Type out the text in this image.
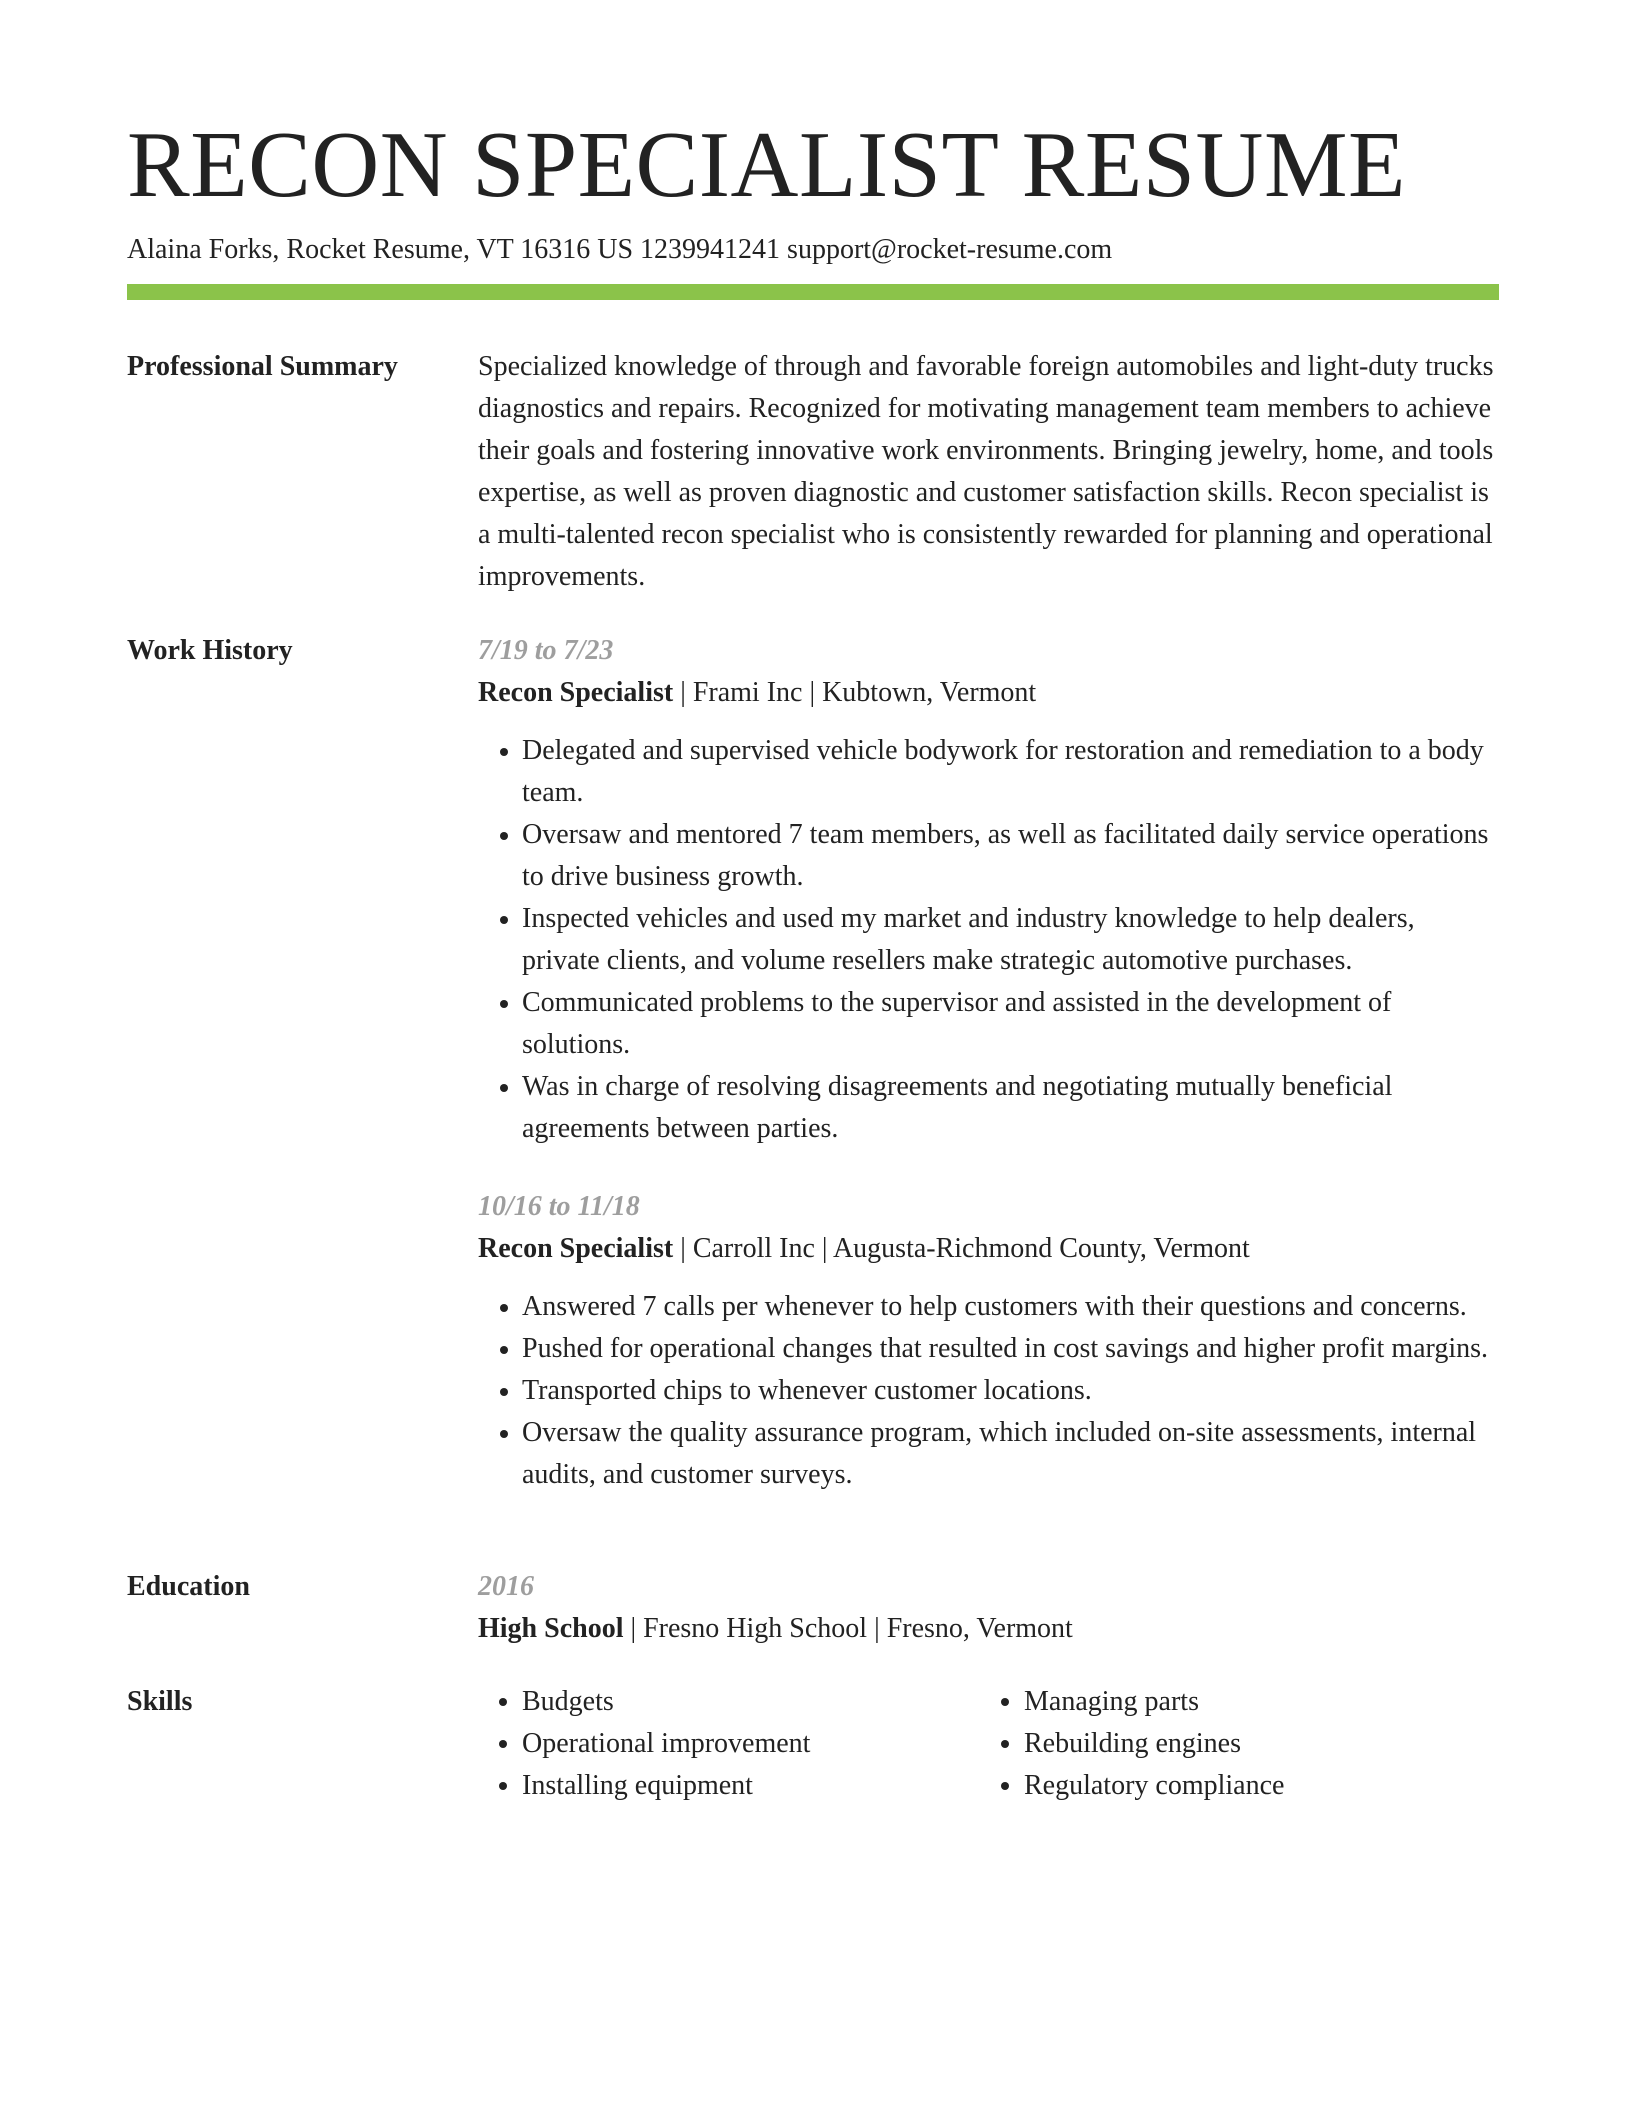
RECON SPECIALIST RESUME
Alaina Forks, Rocket Resume, VT 16316 US 1239941241 support@rocket-resume.com
Professional Summary	Specialized knowledge of through and favorable foreign automobiles and light-duty trucks diagnostics and repairs. Recognized for motivating management team members to achieve their goals and fostering innovative work environments. Bringing jewelry, home, and tools expertise, as well as proven diagnostic and customer satisfaction skills. Recon specialist is a multi-talented recon specialist who is consistently rewarded for planning and operational improvements.

Work History	7/19 to 7/23
Recon Specialist | Frami Inc | Kubtown, Vermont
• Delegated and supervised vehicle bodywork for restoration and remediation to a body team.
• Oversaw and mentored 7 team members, as well as facilitated daily service operations to drive business growth.
• Inspected vehicles and used my market and industry knowledge to help dealers, private clients, and volume resellers make strategic automotive purchases.
• Communicated problems to the supervisor and assisted in the development of solutions.
• Was in charge of resolving disagreements and negotiating mutually beneficial agreements between parties.
10/16 to 11/18
Recon Specialist | Carroll Inc | Augusta-Richmond County, Vermont
• Answered 7 calls per whenever to help customers with their questions and concerns.
• Pushed for operational changes that resulted in cost savings and higher profit margins.
• Transported chips to whenever customer locations.
• Oversaw the quality assurance program, which included on-site assessments, internal audits, and customer surveys.
Education	2016
High School | Fresno High School | Fresno, Vermont
Skills
•	Budgets
• Operational improvement
• Installing equipment
• Managing parts
• Rebuilding engines
• Regulatory compliance
